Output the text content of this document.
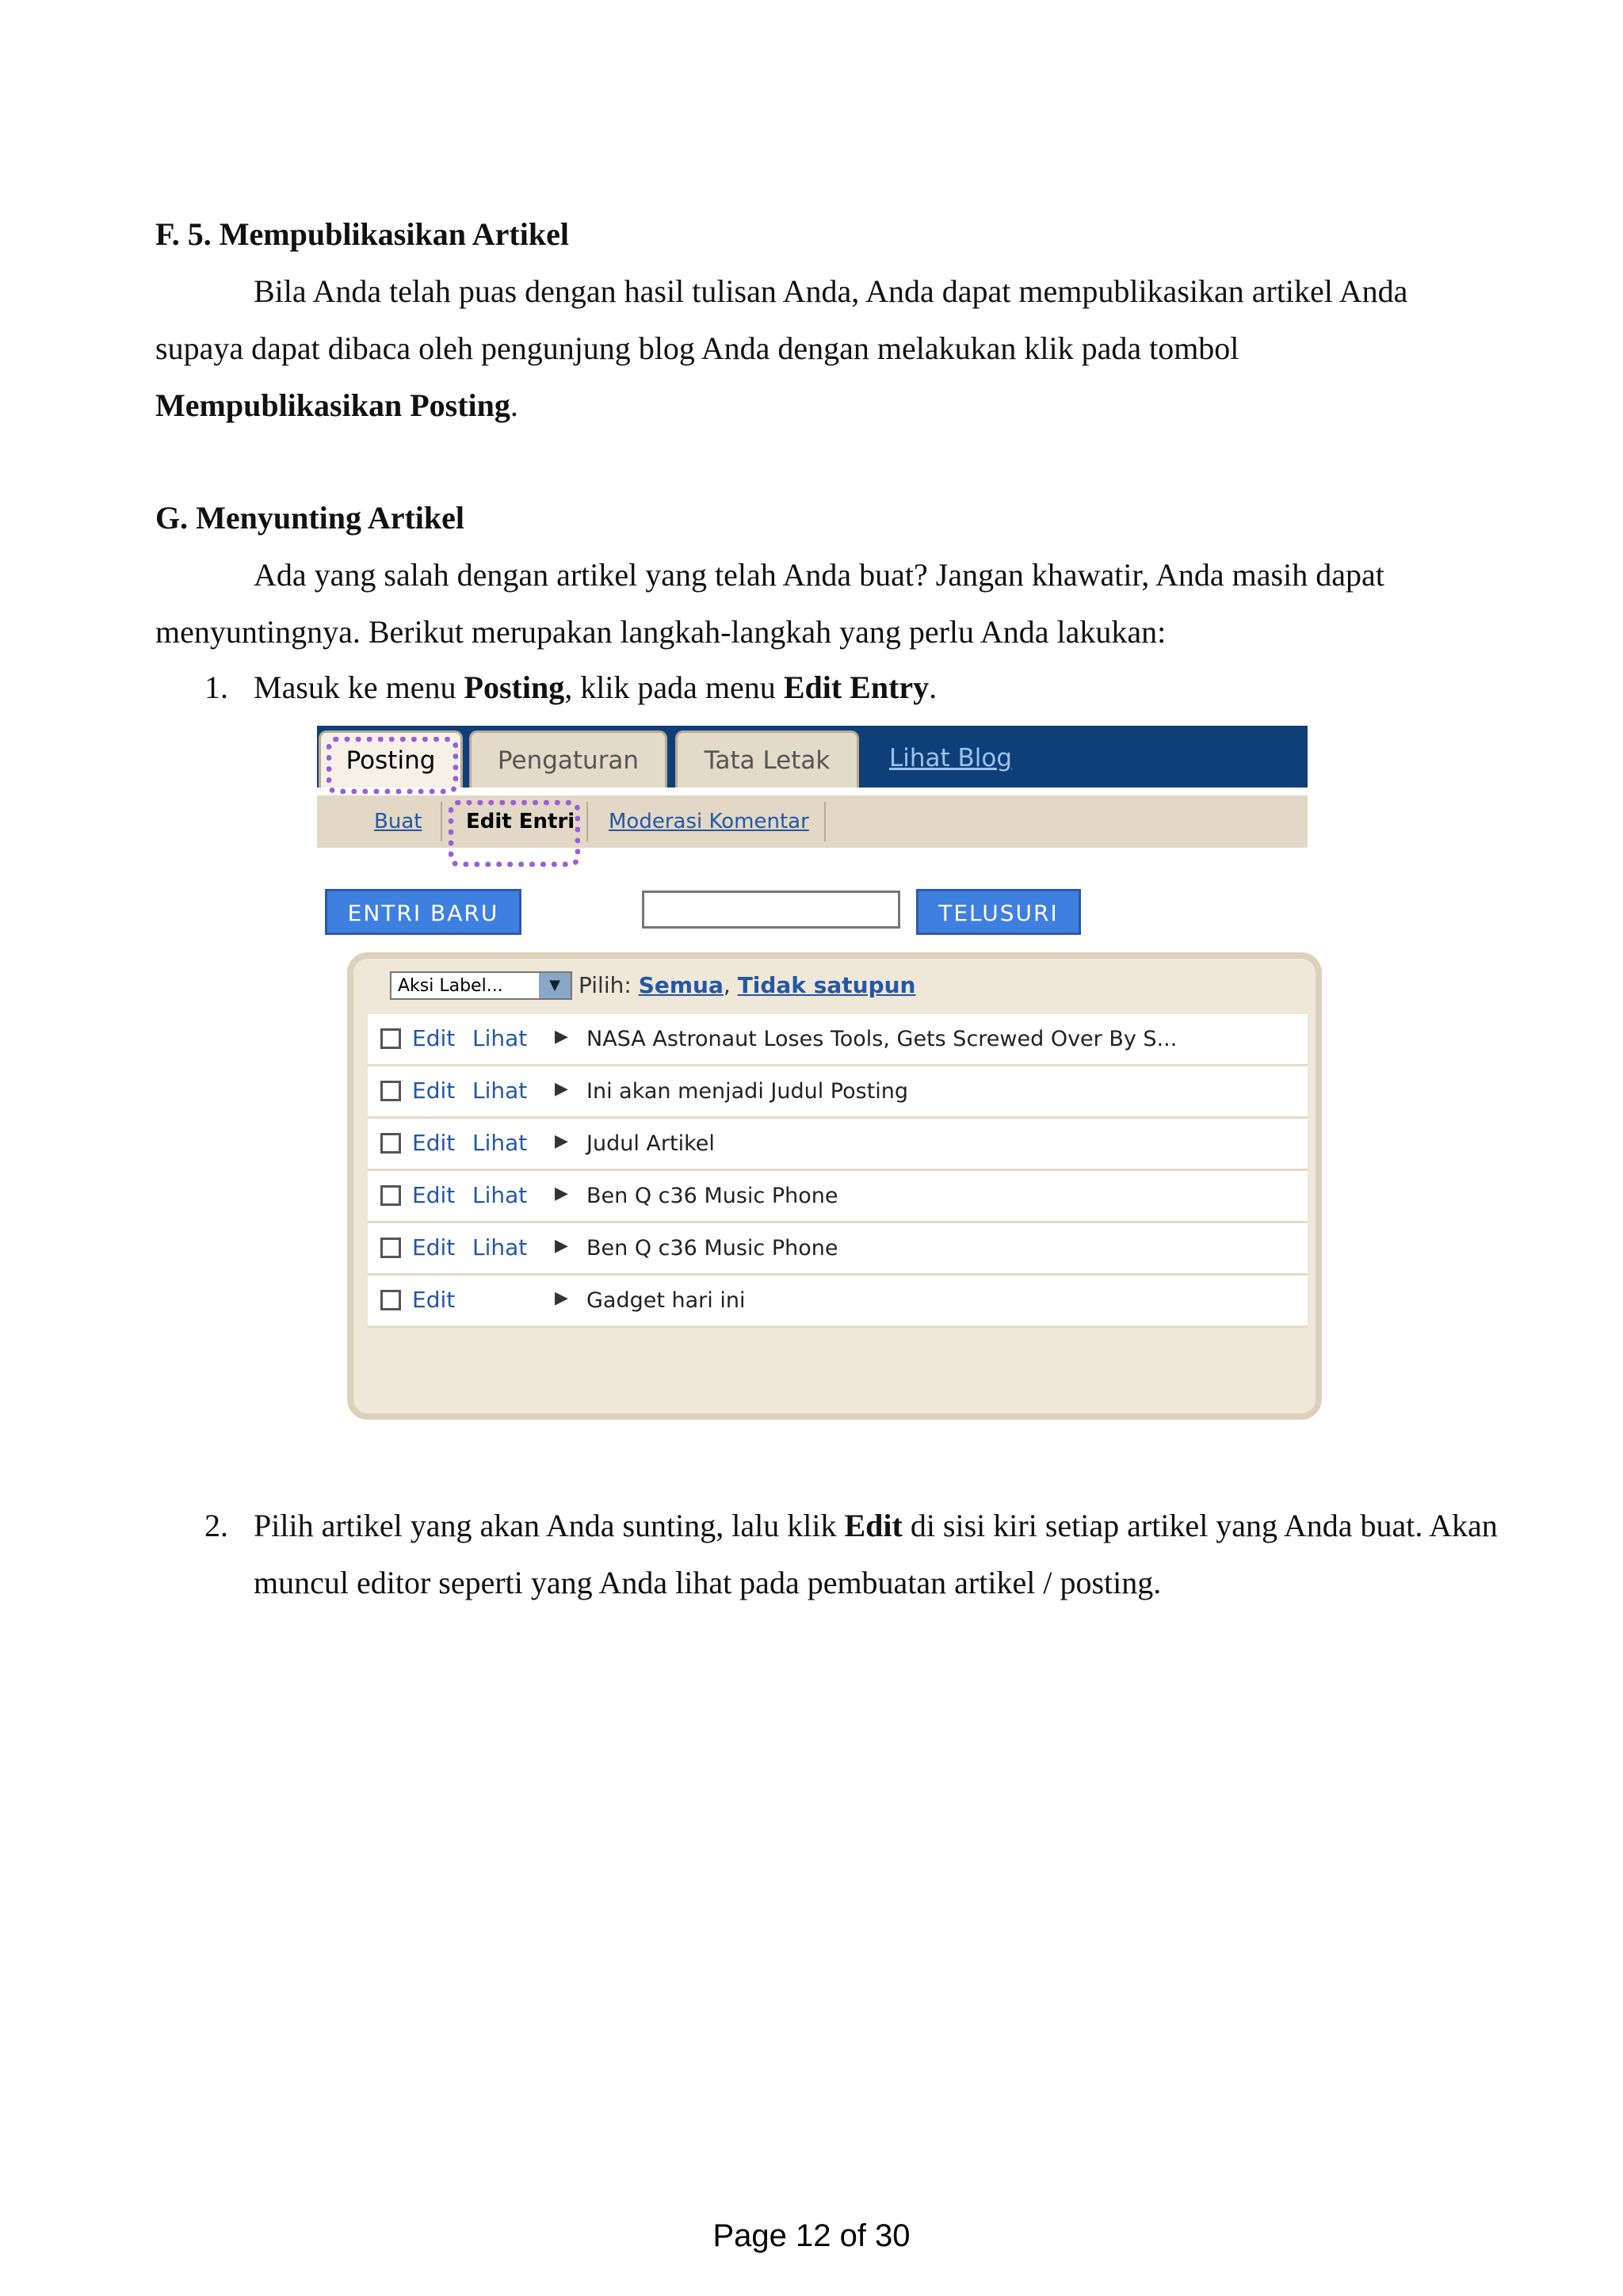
F. 5. Mempublikasikan Artikel

Bila Anda telah puas dengan hasil tulisan Anda, Anda dapat mempublikasikan artikel Anda supaya dapat dibaca oleh pengunjung blog Anda dengan melakukan klik pada tombol Mempublikasikan Posting.

G. Menyunting Artikel

Ada yang salah dengan artikel yang telah Anda buat? Jangan khawatir, Anda masih dapat menyuntingnya. Berikut merupakan langkah-langkah yang perlu Anda lakukan:

1. Masuk ke menu Posting, klik pada menu Edit Entry.
Posting	Pengaturan	Tata Letak	Lihat Blog
Buat Edit Entri Moderasi Komentar
ENTRI BARU	TELUSURI
Aksi Label...	▼ Pilih: Semua, Tidak satupun
Edit Lihat ▶ NASA Astronaut Loses Tools, Gets Screwed Over By S...
Edit Lihat ▶ Ini akan menjadi Judul Posting
Edit Lihat ▶ Judul Artikel
Edit Lihat ▶ Ben Q c36 Music Phone
Edit Lihat ▶ Ben Q c36 Music Phone
Edit	▶ Gadget hari ini
2. Pilih artikel yang akan Anda sunting, lalu klik Edit di sisi kiri setiap artikel yang Anda buat. Akan muncul editor seperti yang Anda lihat pada pembuatan artikel / posting.
Page 12 of 30
